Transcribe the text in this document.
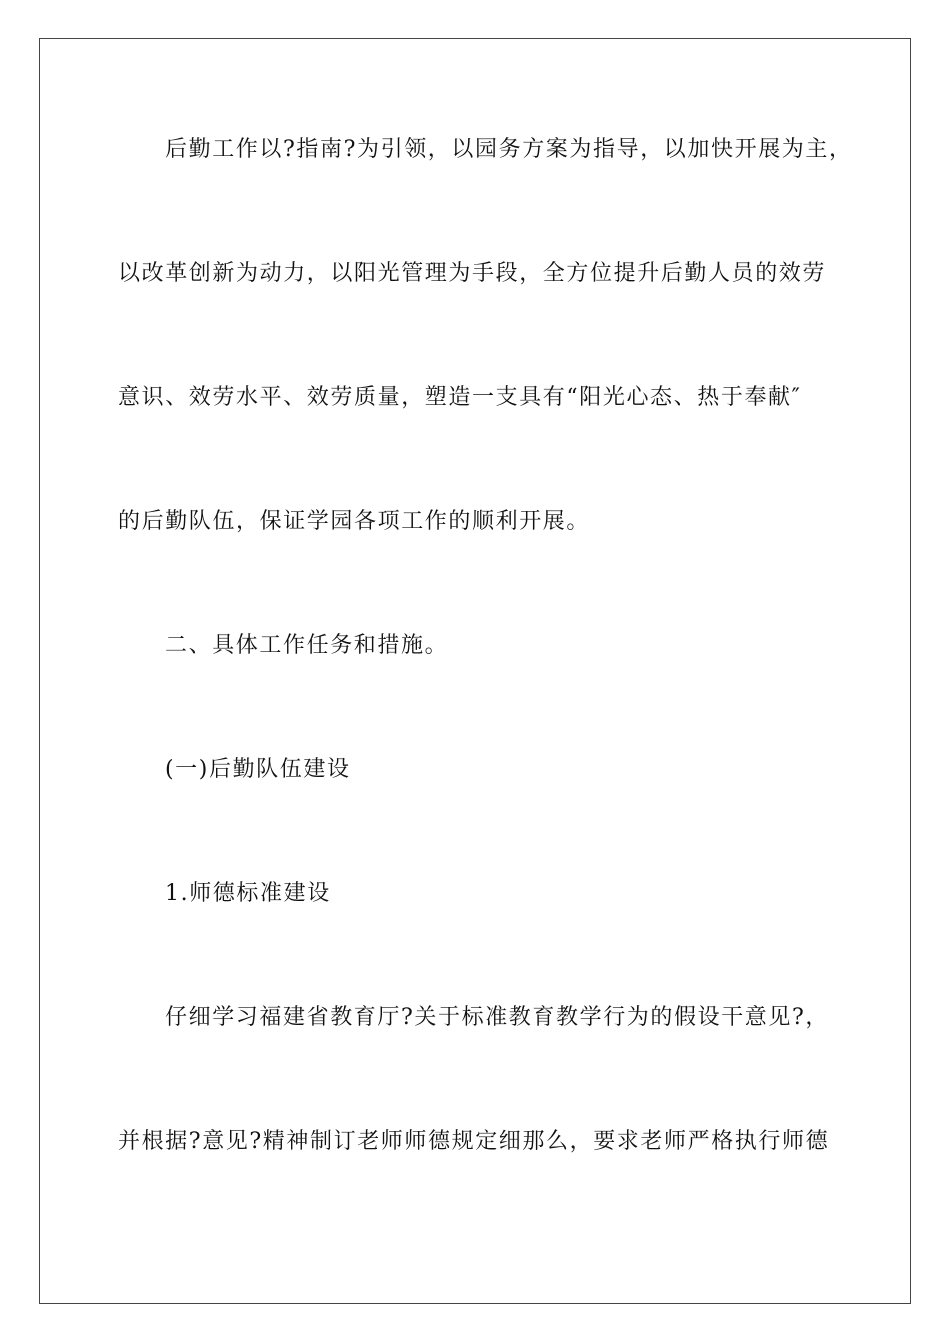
后勤工作以?指南?为引领，以园务方案为指导，以加快开展为主，
以改革创新为动力，以阳光管理为手段，全方位提升后勤人员的效劳
意识、效劳水平、效劳质量，塑造一支具有“阳光心态、热于奉献″
的后勤队伍，保证学园各项工作的顺利开展。
二、具体工作任务和措施。
(一)后勤队伍建设
1.师德标准建设
仔细学习福建省教育厅?关于标准教育教学行为的假设干意见?，
并根据?意见?精神制订老师师德规定细那么，要求老师严格执行师德
